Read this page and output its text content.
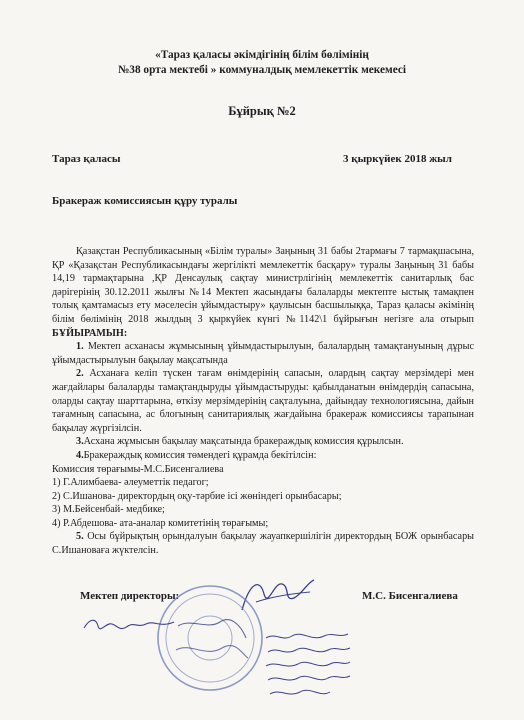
«Тараз қаласы әкімдігінің білім бөлімінің
№38 орта мектебі » коммуналдық мемлекеттік мекемесі
Бұйрық №2
Тараз қаласы	3 қыркүйек 2018 жыл
Бракераж комиссиясын құру туралы

Қазақстан Республикасының «Білім туралы» Заңының 31 бабы 2тармағы 7 тармақшасына, ҚР «Қазақстан Республикасындағы жергілікті мемлекеттік басқару» туралы Заңының 31 бабы 14,19 тармақтарына ,ҚР Денсаулық сақтау министрлігінің мемлекеттік санитарлық бас дәрігерінің 30.12.2011 жылғы №14 Мектеп жасындағы балаларды мектепте ыстық тамақпен толық қамтамасыз ету мәселесін ұйымдастыру» қаулысын басшылыққа, Тараз қаласы әкімінің білім бөлімінің 2018 жылдың 3 қыркүйек күнгі №1142\1 бұйрығын негізге ала отырып БҰЙЫРАМЫН:

1. Мектеп асханасы жұмысының ұйымдастырылуын, балалардың тамақтануының дұрыс ұйымдастырылуын бақылау мақсатында

2. Асханаға келіп түскен тағам өнімдерінің сапасын, олардың сақтау мерзімдері мен жағдайлары балаларды тамақтандыруды ұйымдастыруды: қабылданатын өнімдердің сапасына, оларды сақтау шарттарына, өткізу мерзімдерінің сақталуына, дайындау технологиясына, дайын тағамның сапасына, ас блогының санитариялық жағдайына бракераж комиссиясы тарапынан бақылау жүргізілсін.

3.Асхана жұмысын бақылау мақсатында бракераждық комиссия құрылсын.

4.Бракераждық комиссия төмендегі құрамда бекітілсін:

Комиссия төрағымы-М.С.Бисенгалиева

1) Г.Алимбаева- әлеуметтік педагог;

2) С.Ишанова- директордың оқу-тәрбие ісі жөніндегі орынбасары;

3) М.Бейсенбай- медбике;

4) Р.Абдешова- ата-аналар комитетінің төрағымы;

5. Осы бұйрықтың орындалуын бақылау жауапкершілігін директордың БОЖ орынбасары С.Ишановаға жүктелсін.

Мектеп директоры:	М.С. Бисенгалиева
